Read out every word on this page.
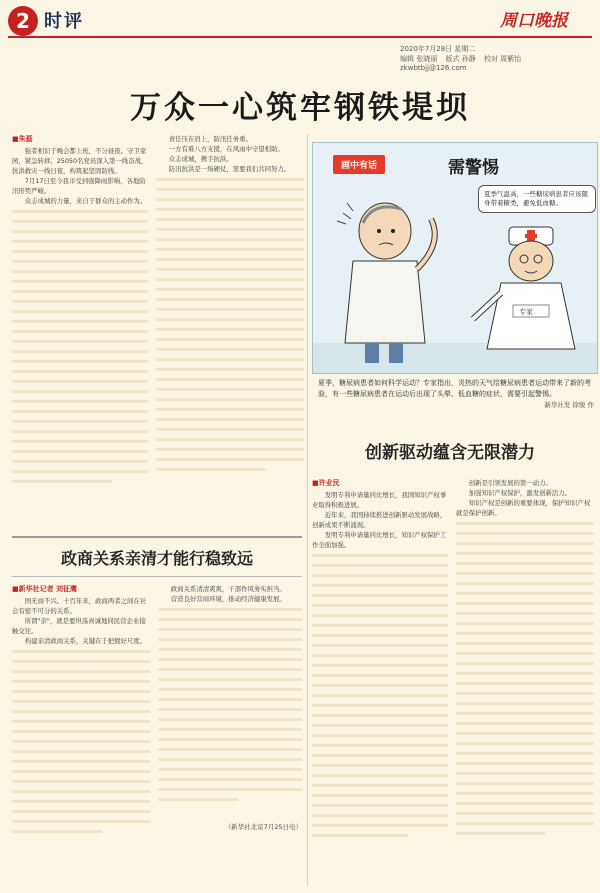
2 时评	周口晚报
2020年7月28日 星期二
编辑 张晓丽 版式 孙静 校对 周紫怡 zkwbtbjj@126.com
万众一心筑牢钢铁堤坝
■朱磊

强者相识于晚会都上班，不分昼夜。守卫家园，紧急转移，25050名党员深入第一线奋战，抗洪救灾一线日夜，构筑起坚固防线。

7月17日至今我市受到强降雨影响，各地防汛形势严峻。

众志成城的力量，来自于群众的主动作为。

责任压在肩上，防汛任务重。

一方有难八方支援，在风雨中守望相助。

众志成城，携手抗洪。

防汛抗洪是一场硬仗，需要我们共同努力。	画中有话	需警惕
夏季气温高，一些糖尿病患者应该随身带着糖类，避免低血糖。
专家
夏季，糖尿病患者如何科学运动？专家指出，炎热的天气给糖尿病患者运动带来了新的考验，有一些糖尿病患者在运动后出现了头晕、低血糖的症状，需要引起警惕。
新华社发 徐骏 作
创新驱动蕴含无限潜力
政商关系亲清才能行稳致远
■新华社记者 刘征鹰

国无商不兴。十百年来，政商两者之间在社会有密不可分的关系。

所谓"亲"，就是要坦荡真诚地同民营企业接触交往。

构建亲清政商关系，关键在于把握好尺度。

政商关系清清爽爽，干部作风务实担当。

营造良好营商环境，推动经济健康发展。

（新华社北京7月25日电）
■许业民

发明专利申请量同比增长，我国知识产权事业取得积极进展。

近年来，我国持续推进创新驱动发展战略，创新成果不断涌现。

发明专利申请量同比增长，知识产权保护工作全面加强。

创新是引领发展的第一动力。

加强知识产权保护，激发创新活力。

知识产权是创新的重要体现，保护知识产权就是保护创新。
